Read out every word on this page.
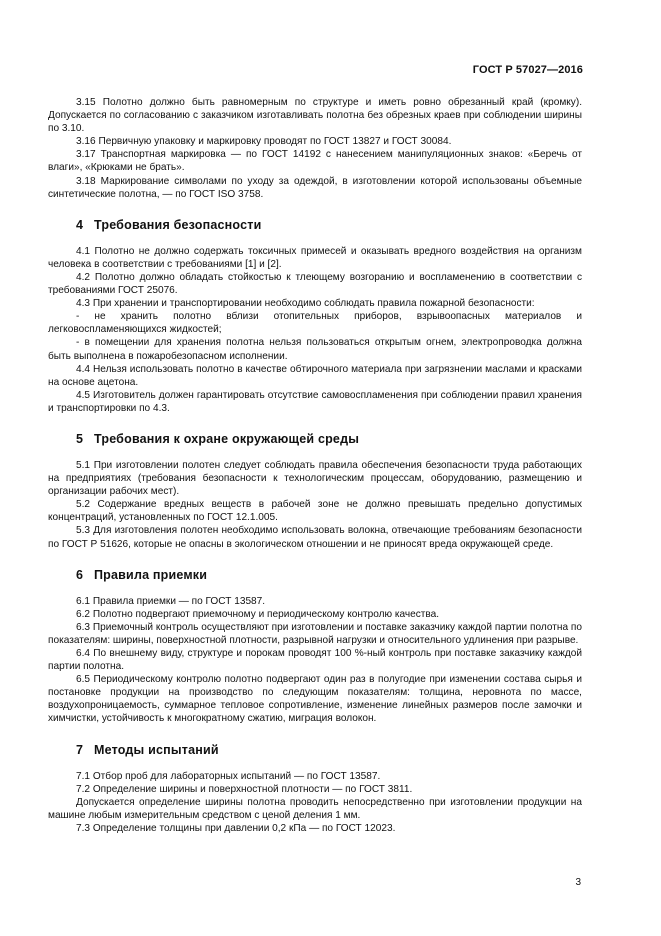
ГОСТ Р 57027—2016

3.15 Полотно должно быть равномерным по структуре и иметь ровно обрезанный край (кромку). Допускается по согласованию с заказчиком изготавливать полотна без обрезных краев при соблюдении ширины по 3.10.

3.16 Первичную упаковку и маркировку проводят по ГОСТ 13827 и ГОСТ 30084.

3.17 Транспортная маркировка — по ГОСТ 14192 с нанесением манипуляционных знаков: «Беречь от влаги», «Крюками не брать».

3.18 Маркирование символами по уходу за одеждой, в изготовлении которой использованы объемные синтетические полотна, — по ГОСТ ISO 3758.

4 Требования безопасности

4.1 Полотно не должно содержать токсичных примесей и оказывать вредного воздействия на организм человека в соответствии с требованиями [1] и [2].

4.2 Полотно должно обладать стойкостью к тлеющему возгоранию и воспламенению в соответствии с требованиями ГОСТ 25076.

4.3 При хранении и транспортировании необходимо соблюдать правила пожарной безопасности:

- не хранить полотно вблизи отопительных приборов, взрывоопасных материалов и легковоспламеняющихся жидкостей;

- в помещении для хранения полотна нельзя пользоваться открытым огнем, электропроводка должна быть выполнена в пожаробезопасном исполнении.

4.4 Нельзя использовать полотно в качестве обтирочного материала при загрязнении маслами и красками на основе ацетона.

4.5 Изготовитель должен гарантировать отсутствие самовоспламенения при соблюдении правил хранения и транспортировки по 4.3.

5 Требования к охране окружающей среды

5.1 При изготовлении полотен следует соблюдать правила обеспечения безопасности труда работающих на предприятиях (требования безопасности к технологическим процессам, оборудованию, размещению и организации рабочих мест).

5.2 Содержание вредных веществ в рабочей зоне не должно превышать предельно допустимых концентраций, установленных по ГОСТ 12.1.005.

5.3 Для изготовления полотен необходимо использовать волокна, отвечающие требованиям безопасности по ГОСТ Р 51626, которые не опасны в экологическом отношении и не приносят вреда окружающей среде.

6 Правила приемки

6.1 Правила приемки — по ГОСТ 13587.

6.2 Полотно подвергают приемочному и периодическому контролю качества.

6.3 Приемочный контроль осуществляют при изготовлении и поставке заказчику каждой партии полотна по показателям: ширины, поверхностной плотности, разрывной нагрузки и относительного удлинения при разрыве.

6.4 По внешнему виду, структуре и порокам проводят 100 %-ный контроль при поставке заказчику каждой партии полотна.

6.5 Периодическому контролю полотно подвергают один раз в полугодие при изменении состава сырья и постановке продукции на производство по следующим показателям: толщина, неровнота по массе, воздухопроницаемость, суммарное тепловое сопротивление, изменение линейных размеров после замочки и химчистки, устойчивость к многократному сжатию, миграция волокон.

7 Методы испытаний

7.1 Отбор проб для лабораторных испытаний — по ГОСТ 13587.

7.2 Определение ширины и поверхностной плотности — по ГОСТ 3811.

Допускается определение ширины полотна проводить непосредственно при изготовлении продукции на машине любым измерительным средством с ценой деления 1 мм.

7.3 Определение толщины при давлении 0,2 кПа — по ГОСТ 12023.

3
